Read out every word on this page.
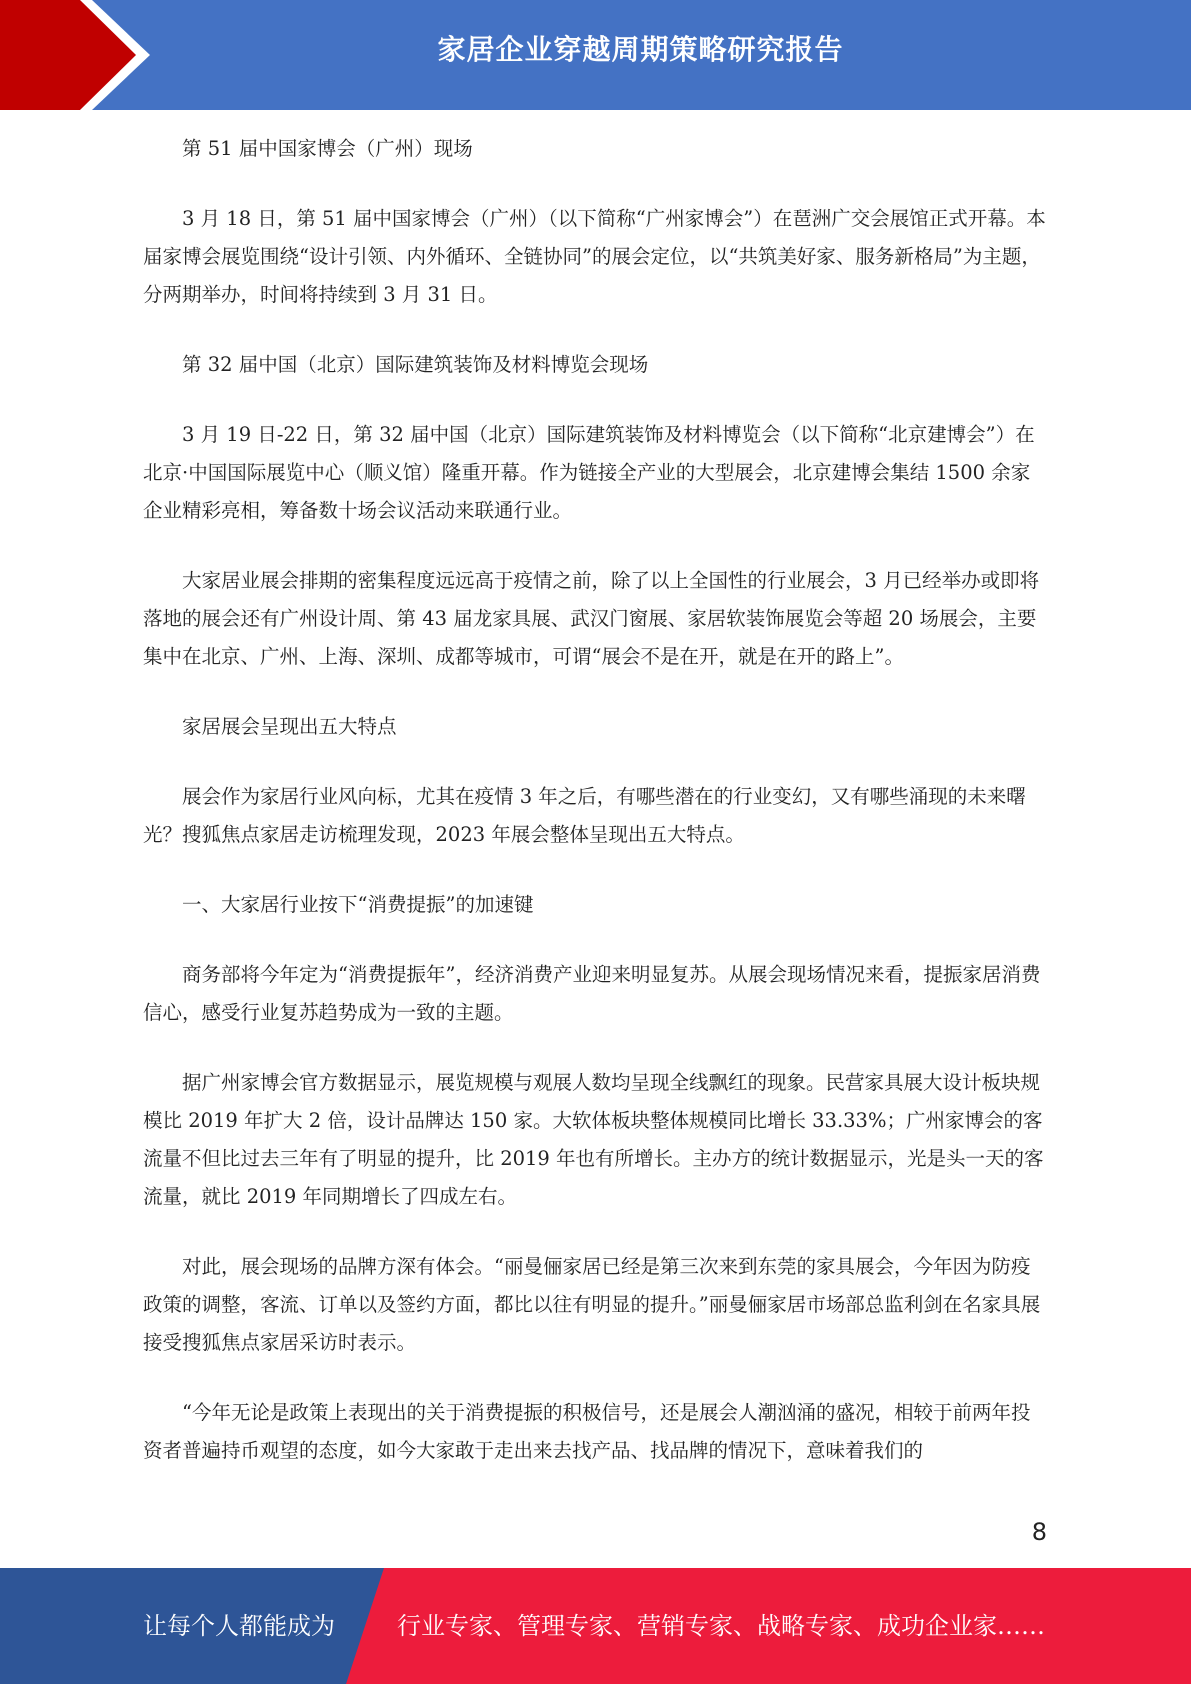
家居企业穿越周期策略研究报告

第 51 届中国家博会（广州）现场

3 月 18 日，第 51 届中国家博会（广州）（以下简称“广州家博会”）在琶洲广交会展馆正式开幕。本届家博会展览围绕“设计引领、内外循环、全链协同”的展会定位，以“共筑美好家、服务新格局”为主题，分两期举办，时间将持续到 3 月 31 日。

第 32 届中国（北京）国际建筑装饰及材料博览会现场

3 月 19 日-22 日，第 32 届中国（北京）国际建筑装饰及材料博览会（以下简称“北京建博会”）在北京·中国国际展览中心（顺义馆）隆重开幕。作为链接全产业的大型展会，北京建博会集结 1500 余家企业精彩亮相，筹备数十场会议活动来联通行业。

大家居业展会排期的密集程度远远高于疫情之前，除了以上全国性的行业展会，3 月已经举办或即将落地的展会还有广州设计周、第 43 届龙家具展、武汉门窗展、家居软装饰展览会等超 20 场展会，主要集中在北京、广州、上海、深圳、成都等城市，可谓“展会不是在开，就是在开的路上”。

家居展会呈现出五大特点

展会作为家居行业风向标，尤其在疫情 3 年之后，有哪些潜在的行业变幻，又有哪些涌现的未来曙光？搜狐焦点家居走访梳理发现，2023 年展会整体呈现出五大特点。

一、大家居行业按下“消费提振”的加速键

商务部将今年定为“消费提振年”，经济消费产业迎来明显复苏。从展会现场情况来看，提振家居消费信心，感受行业复苏趋势成为一致的主题。

据广州家博会官方数据显示，展览规模与观展人数均呈现全线飘红的现象。民营家具展大设计板块规模比 2019 年扩大 2 倍，设计品牌达 150 家。大软体板块整体规模同比增长 33.33%；广州家博会的客流量不但比过去三年有了明显的提升，比 2019 年也有所增长。主办方的统计数据显示，光是头一天的客流量，就比 2019 年同期增长了四成左右。

对此，展会现场的品牌方深有体会。“丽曼俪家居已经是第三次来到东莞的家具展会，今年因为防疫政策的调整，客流、订单以及签约方面，都比以往有明显的提升。”丽曼俪家居市场部总监利剑在名家具展接受搜狐焦点家居采访时表示。

“今年无论是政策上表现出的关于消费提振的积极信号，还是展会人潮汹涌的盛况，相较于前两年投资者普遍持币观望的态度，如今大家敢于走出来去找产品、找品牌的情况下，意味着我们的

8
让每个人都能成为	行业专家、管理专家、营销专家、战略专家、成功企业家……
